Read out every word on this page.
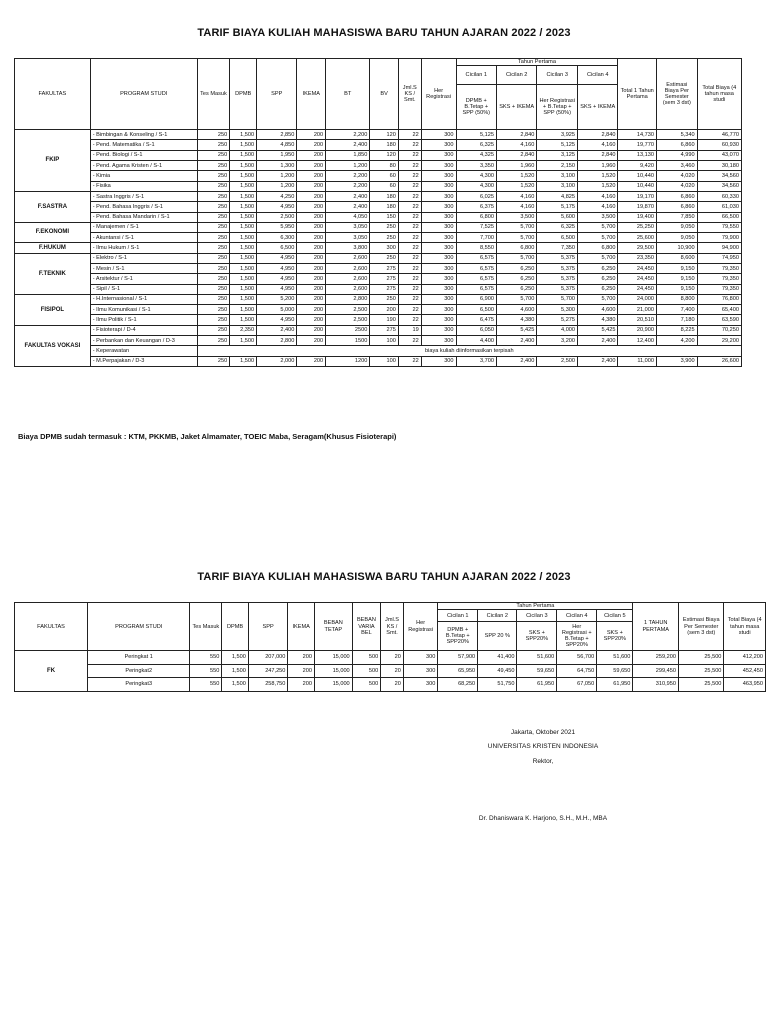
TARIF BIAYA KULIAH MAHASISWA BARU TAHUN AJARAN 2022 / 2023
FAKULTAS	PROGRAM STUDI	Tes Masuk	DPMB	SPP	IKEMA	BT	BV	Jml.S KS / Smt.	Her Registrasi	Tahun Pertama				Total 1 Tahun Pertama	Estimasi Biaya Per Semester (sem 3 dst)	Total Biaya (4 tahun masa studi
										Cicilan 1	Cicilan 2	Cicilan 3	Cicilan 4			
										DPMB + B.Tetap + SPP (50%)	SKS + IKEMA	Her Registrasi + B.Tetap + SPP (50%)	SKS + IKEMA			
FKIP	- Bimbingan & Konseling / S-1	250	1,500	2,850	200	2,200	120	22	300	5,125	2,840	3,925	2,840	14,730	5,340	46,770
	- Pend. Matematika / S-1	250	1,500	4,850	200	2,400	180	22	300	6,325	4,160	5,125	4,160	19,770	6,860	60,930
	- Pend. Biologi / S-1	250	1,500	1,950	200	1,850	120	22	300	4,325	2,840	3,125	2,840	13,130	4,990	43,070
	- Pend. Agama Kristen / S-1	250	1,500	1,300	200	1,200	80	22	300	3,350	1,960	2,150	1,960	9,420	3,460	30,180
	- Kimia	250	1,500	1,200	200	2,200	60	22	300	4,300	1,520	3,100	1,520	10,440	4,020	34,560
	- Fisika	250	1,500	1,200	200	2,200	60	22	300	4,300	1,520	3,100	1,520	10,440	4,020	34,560
F.SASTRA	- Sastra Inggris / S-1	250	1,500	4,250	200	2,400	180	22	300	6,025	4,160	4,825	4,160	19,170	6,860	60,330
	- Pend. Bahasa Inggris / S-1	250	1,500	4,950	200	2,400	180	22	300	6,375	4,160	5,175	4,160	19,870	6,860	61,030
	- Pend. Bahasa Mandarin / S-1	250	1,500	2,500	200	4,050	150	22	300	6,800	3,500	5,600	3,500	19,400	7,850	66,500
F.EKONOMI	- Manajemen / S-1	250	1,500	5,950	200	3,050	250	22	300	7,525	5,700	6,325	5,700	25,250	9,050	79,550
	- Akuntansi / S-1	250	1,500	6,300	200	3,050	250	22	300	7,700	5,700	6,500	5,700	25,600	9,050	79,900
F.HUKUM	- Ilmu Hukum / S-1	250	1,500	6,500	200	3,800	300	22	300	8,550	6,800	7,350	6,800	29,500	10,900	94,900
F.TEKNIK	- Elektro / S-1	250	1,500	4,950	200	2,600	250	22	300	6,575	5,700	5,375	5,700	23,350	8,600	74,950
	- Mesin / S-1	250	1,500	4,950	200	2,600	275	22	300	6,575	6,250	5,375	6,250	24,450	9,150	79,350
	- Arsitektur / S-1	250	1,500	4,950	200	2,600	275	22	300	6,575	6,250	5,375	6,250	24,450	9,150	79,350
	- Sipil / S-1	250	1,500	4,950	200	2,600	275	22	300	6,575	6,250	5,375	6,250	24,450	9,150	79,350
FISIPOL	- H.Internasional / S-1	250	1,500	5,200	200	2,800	250	22	300	6,900	5,700	5,700	5,700	24,000	8,800	76,800
	- Ilmu Komunikasi / S-1	250	1,500	5,000	200	2,500	200	22	300	6,500	4,600	5,300	4,600	21,000	7,400	65,400
	- Ilmu Politik / S-1	250	1,500	4,950	200	2,500	190	22	300	6,475	4,380	5,275	4,380	20,510	7,180	63,590
FAKULTAS VOKASI	- Fisioterapi / D-4	250	2,350	2,400	200	2500	275	19	300	6,050	5,425	4,000	5,425	20,900	8,225	70,250
	- Perbankan dan Keuangan / D-3	250	1,500	2,800	200	1500	100	22	300	4,400	2,400	3,200	2,400	12,400	4,200	29,200
	- Keperawatan	biaya kuliah diinformasikan terpisah														
	- M.Perpajakan / D-3	250	1,500	2,000	200	1200	100	22	300	3,700	2,400	2,500	2,400	11,000	3,900	26,600
Biaya DPMB sudah termasuk : KTM, PKKMB, Jaket Almamater, TOEIC Maba, Seragam(Khusus Fisioterapi)
TARIF BIAYA KULIAH MAHASISWA BARU TAHUN AJARAN 2022 / 2023
FAKULTAS	PROGRAM STUDI	Tes Masuk	DPMB	SPP	IKEMA	BEBAN TETAP	BEBAN VARIA BEL	Jml.S KS / Smt.	Her Registrasi	Tahun Pertama					1 TAHUN PERTAMA	Estimasi Biaya Per Semester (sem 3 dst)	Total Biaya (4 tahun masa studi
										Cicilan 1	Cicilan 2	Cicilan 3	Cicilan 4	Cicilan 5			
										DPMB + B.Tetap + SPP20%	SPP 20 %	SKS + SPP20%	Her Registrasi + B.Tetap + SPP20%	SKS + SPP20%			
FK	Peringkat 1	550	1,500	207,000	200	15,000	500	20	300	57,900	41,400	51,600	56,700	51,600	259,200	25,500	412,200
	Peringkat2	550	1,500	247,250	200	15,000	500	20	300	65,950	49,450	59,650	64,750	59,650	299,450	25,500	452,450
	Peringkat3	550	1,500	258,750	200	15,000	500	20	300	68,250	51,750	61,950	67,050	61,950	310,950	25,500	463,950
Jakarta, Oktober 2021
UNIVERSITAS KRISTEN INDONESIA
Rektor,
Dr. Dhaniswara K. Harjono, S.H., M.H., MBA
